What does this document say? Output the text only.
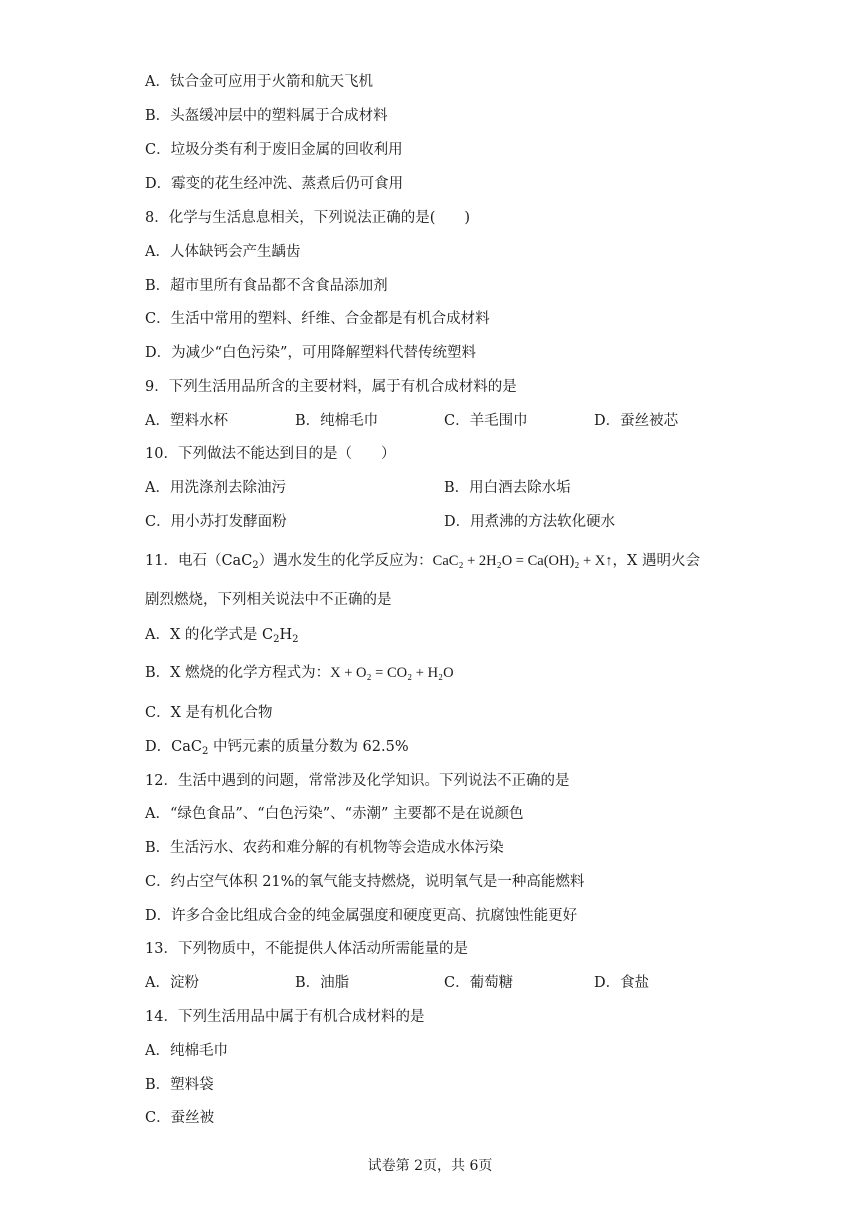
A．钛合金可应用于火箭和航天飞机
B．头盔缓冲层中的塑料属于合成材料
C．垃圾分类有利于废旧金属的回收利用
D．霉变的花生经冲洗、蒸煮后仍可食用
8．化学与生活息息相关，下列说法正确的是(　　)
A．人体缺钙会产生龋齿
B．超市里所有食品都不含食品添加剂
C．生活中常用的塑料、纤维、合金都是有机合成材料
D．为减少“白色污染”，可用降解塑料代替传统塑料
9．下列生活用品所含的主要材料，属于有机合成材料的是
A．塑料水杯	B．纯棉毛巾	C．羊毛围巾	D．蚕丝被芯
10．下列做法不能达到目的是（　　）
A．用洗涤剂去除油污	B．用白酒去除水垢
C．用小苏打发酵面粉	D．用煮沸的方法软化硬水
11．电石（CaC$_2$）遇水发生的化学反应为：CaC₂ + 2H₂O = Ca(OH)₂ + X↑，X 遇明火会
剧烈燃烧，下列相关说法中不正确的是
A．X 的化学式是 $C_2H_2$
B．X 燃烧的化学方程式为：X + O₂ = CO₂ + H₂O
C．X 是有机化合物
D．CaC$_2$ 中钙元素的质量分数为 62.5%
12．生活中遇到的问题，常常涉及化学知识。下列说法不正确的是
A．“绿色食品”、“白色污染”、“赤潮” 主要都不是在说颜色
B．生活污水、农药和难分解的有机物等会造成水体污染
C．约占空气体积 21%的氧气能支持燃烧，说明氧气是一种高能燃料
D．许多合金比组成合金的纯金属强度和硬度更高、抗腐蚀性能更好
13．下列物质中，不能提供人体活动所需能量的是
A．淀粉	B．油脂	C．葡萄糖	D．食盐
14．下列生活用品中属于有机合成材料的是
A．纯棉毛巾
B．塑料袋
C．蚕丝被
试卷第 2页，共 6页
